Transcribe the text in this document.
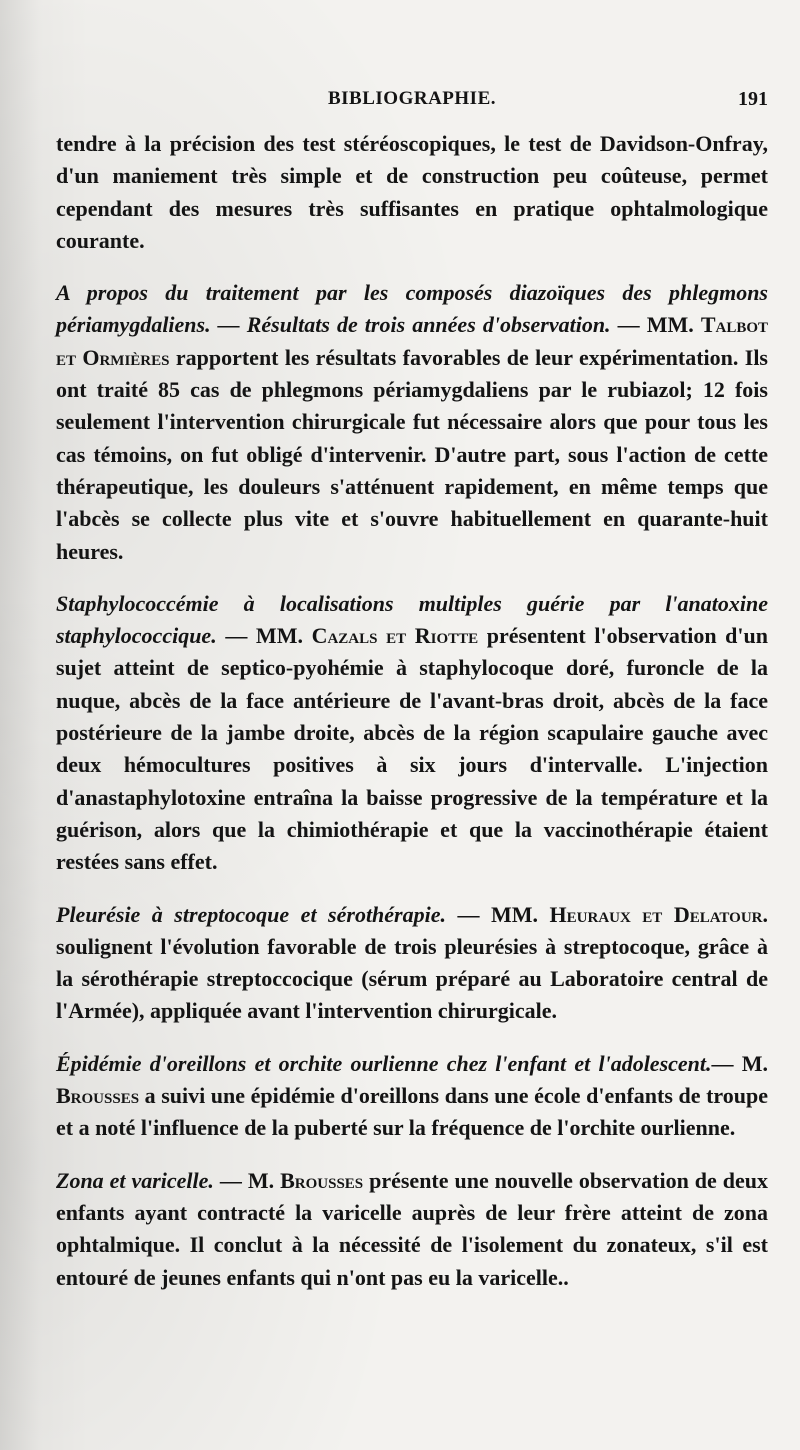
BIBLIOGRAPHIE.	191

tendre à la précision des test stéréoscopiques, le test de Davidson-Onfray, d'un maniement très simple et de construction peu coûteuse, permet cependant des mesures très suffisantes en pratique ophtalmologique courante.

A propos du traitement par les composés diazoïques des phlegmons périamygdaliens. — Résultats de trois années d'observation. — MM. Talbot et Ormières rapportent les résultats favorables de leur expérimentation. Ils ont traité 85 cas de phlegmons périamygdaliens par le rubiazol; 12 fois seulement l'intervention chirurgicale fut nécessaire alors que pour tous les cas témoins, on fut obligé d'intervenir. D'autre part, sous l'action de cette thérapeutique, les douleurs s'atténuent rapidement, en même temps que l'abcès se collecte plus vite et s'ouvre habituellement en quarante-huit heures.

Staphylococcémie à localisations multiples guérie par l'anatoxine staphylococcique. — MM. Cazals et Riotte présentent l'observation d'un sujet atteint de septico-pyohémie à staphylocoque doré, furoncle de la nuque, abcès de la face antérieure de l'avant-bras droit, abcès de la face postérieure de la jambe droite, abcès de la région scapulaire gauche avec deux hémocultures positives à six jours d'intervalle. L'injection d'anastaphylotoxine entraîna la baisse progressive de la température et la guérison, alors que la chimiothérapie et que la vaccinothérapie étaient restées sans effet.

Pleurésie à streptocoque et sérothérapie. — MM. Heuraux et Delatour. soulignent l'évolution favorable de trois pleurésies à streptocoque, grâce à la sérothérapie streptoccocique (sérum préparé au Laboratoire central de l'Armée), appliquée avant l'intervention chirurgicale.

Épidémie d'oreillons et orchite ourlienne chez l'enfant et l'adolescent.— M. Brousses a suivi une épidémie d'oreillons dans une école d'enfants de troupe et a noté l'influence de la puberté sur la fréquence de l'orchite ourlienne.

Zona et varicelle. — M. Brousses présente une nouvelle observation de deux enfants ayant contracté la varicelle auprès de leur frère atteint de zona ophtalmique. Il conclut à la nécessité de l'isolement du zonateux, s'il est entouré de jeunes enfants qui n'ont pas eu la varicelle..
